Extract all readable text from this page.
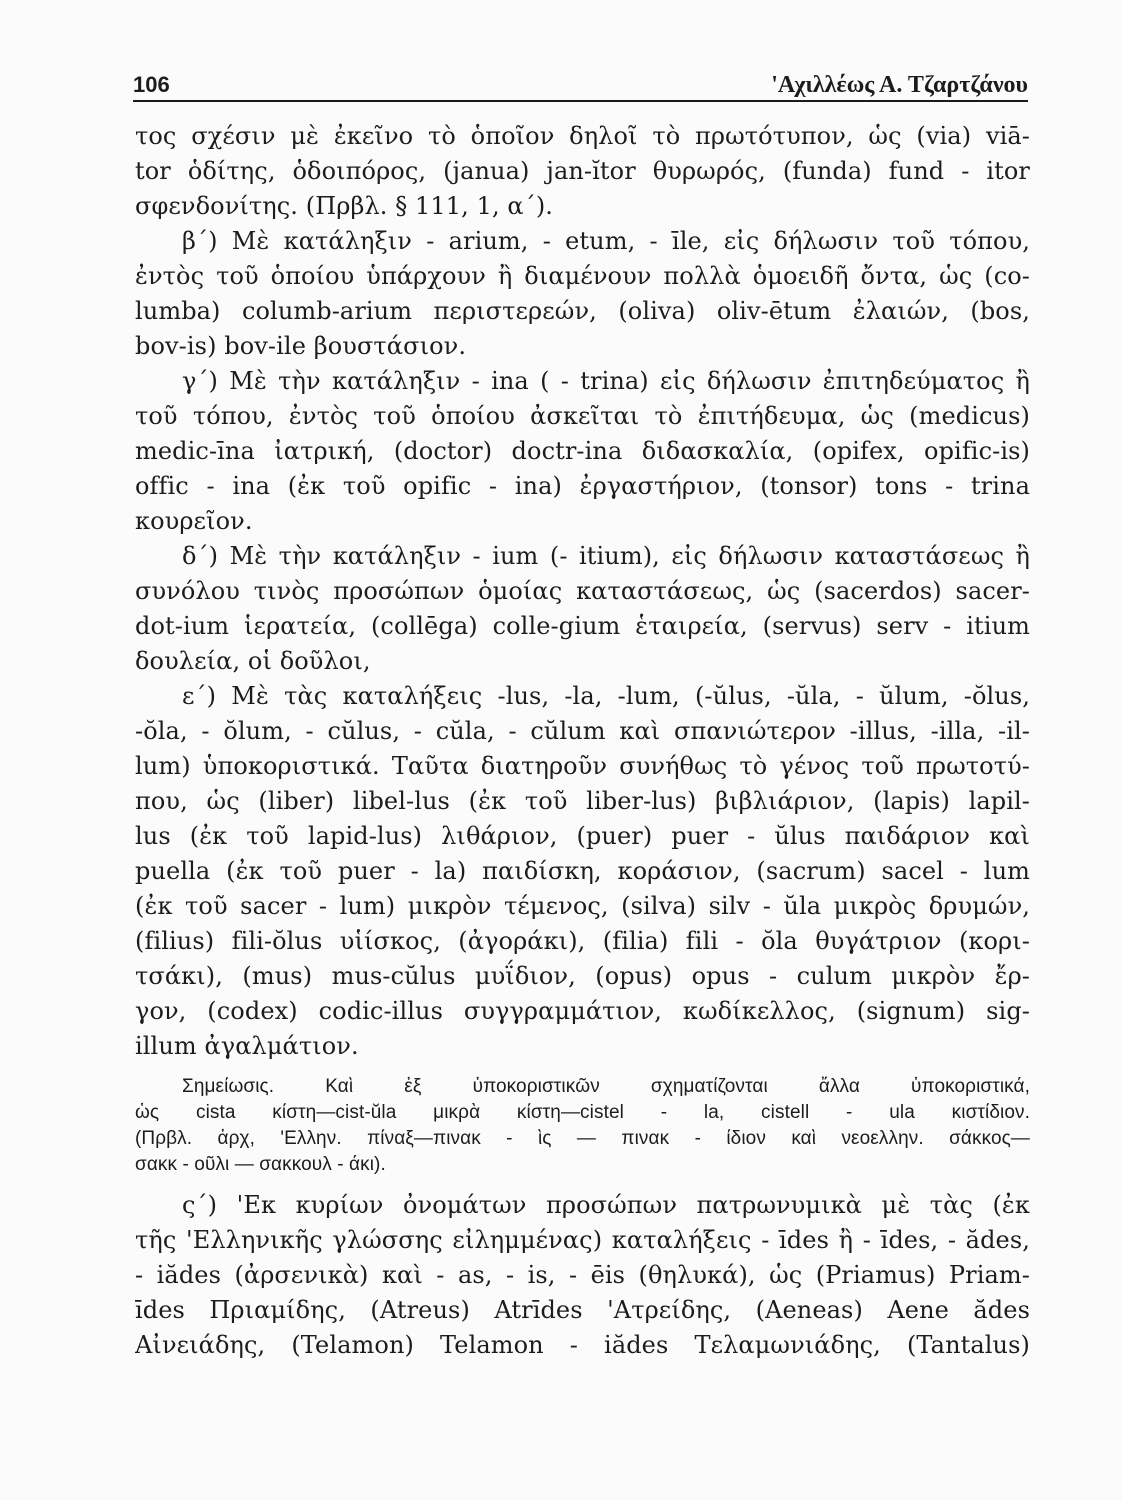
106	'Αχιλλέως Α. Τζαρτζάνου
τος σχέσιν μὲ ἐκεῖνο τὸ ὁποῖον δηλοῖ τὸ πρωτότυπον, ὡς (via) viā-
tor ὁδίτης, ὁδοιπόρος, (janua) jan-ĭtor θυρωρός, (funda) fund - itor
σφενδονίτης. (Πρβλ. § 111, 1, α΄).
β΄) Μὲ κατάληξιν - arium, - etum, - īle, εἰς δήλωσιν τοῦ τόπου,
ἐντὸς τοῦ ὁποίου ὑπάρχουν ἢ διαμένουν πολλὰ ὁμοειδῆ ὄντα, ὡς (co-
lumba) columb-arium περιστερεών, (oliva) oliv-ētum ἐλαιών, (bos,
bov-is) bov-ile βουστάσιον.
γ΄) Μὲ τὴν κατάληξιν - ina ( - trina) εἰς δήλωσιν ἐπιτηδεύματος ἢ
τοῦ τόπου, ἐντὸς τοῦ ὁποίου ἀσκεῖται τὸ ἐπιτήδευμα, ὡς (medicus)
medic-īna ἰατρική, (doctor) doctr-ina διδασκαλία, (opifex, opific-is)
offic - ina (ἐκ τοῦ opific - ina) ἐργαστήριον, (tonsor) tons - trina
κουρεῖον.
δ΄) Μὲ τὴν κατάληξιν - ium (- itium), εἰς δήλωσιν καταστάσεως ἢ
συνόλου τινὸς προσώπων ὁμοίας καταστάσεως, ὡς (sacerdos) sacer-
dot-ium ἱερατεία, (collēga) colle-gium ἑταιρεία, (servus) serv - itium
δουλεία, οἱ δοῦλοι,
ε΄) Μὲ τὰς καταλήξεις -lus, -la, -lum, (-ŭlus, -ŭla, - ŭlum, -ŏlus,
-ŏla, - ŏlum, - cŭlus, - cŭla, - cŭlum καὶ σπανιώτερον -illus, -illa, -il-
lum) ὑποκοριστικά. Ταῦτα διατηροῦν συνήθως τὸ γένος τοῦ πρωτοτύ-
που, ὡς (liber) libel-lus (ἐκ τοῦ liber-lus) βιβλιάριον, (lapis) lapil-
lus (ἐκ τοῦ lapid-lus) λιθάριον, (puer) puer - ŭlus παιδάριον καὶ
puella (ἐκ τοῦ puer - la) παιδίσκη, κοράσιον, (sacrum) sacel - lum
(ἐκ τοῦ sacer - lum) μικρὸν τέμενος, (silva) silv - ŭla μικρὸς δρυμών,
(filius) fili-ŏlus υἱίσκος, (ἀγοράκι), (filia) fili - ŏla θυγάτριον (κορι-
τσάκι), (mus) mus-cŭlus μυΐδιον, (opus) opus - culum μικρὸν ἔρ-
γον, (codex) codic-illus συγγραμμάτιον, κωδίκελλος, (signum) sig-
illum ἀγαλμάτιον.
Σημείωσις. Καὶ ἐξ ὑποκοριστικῶν σχηματίζονται ἄλλα ὑποκοριστικά,
ὡς cista κίστη—cist-ŭla μικρὰ κίστη—cistel - la, cistell - ula κιστίδιον.
(Πρβλ. ἀρχ, 'Ελλην. πίναξ—πινακ - ὶς — πινακ - ίδιον καὶ νεοελλην. σάκκος—
σακκ - οῦλι — σακκουλ - άκι).
ς΄) 'Εκ κυρίων ὀνομάτων προσώπων πατρωνυμικὰ μὲ τὰς (ἐκ
τῆς 'Ελληνικῆς γλώσσης εἰλημμένας) καταλήξεις - īdes ἢ - īdes, - ădes,
- iădes (ἀρσενικὰ) καὶ - as, - is, - ēis (θηλυκά), ὡς (Priamus) Priam-
īdes Πριαμίδης, (Atreus) Atrīdes 'Ατρείδης, (Aeneas) Aene ădes
Αἰνειάδης, (Telamon) Telamon - iădes Τελαμωνιάδης, (Tantalus)
